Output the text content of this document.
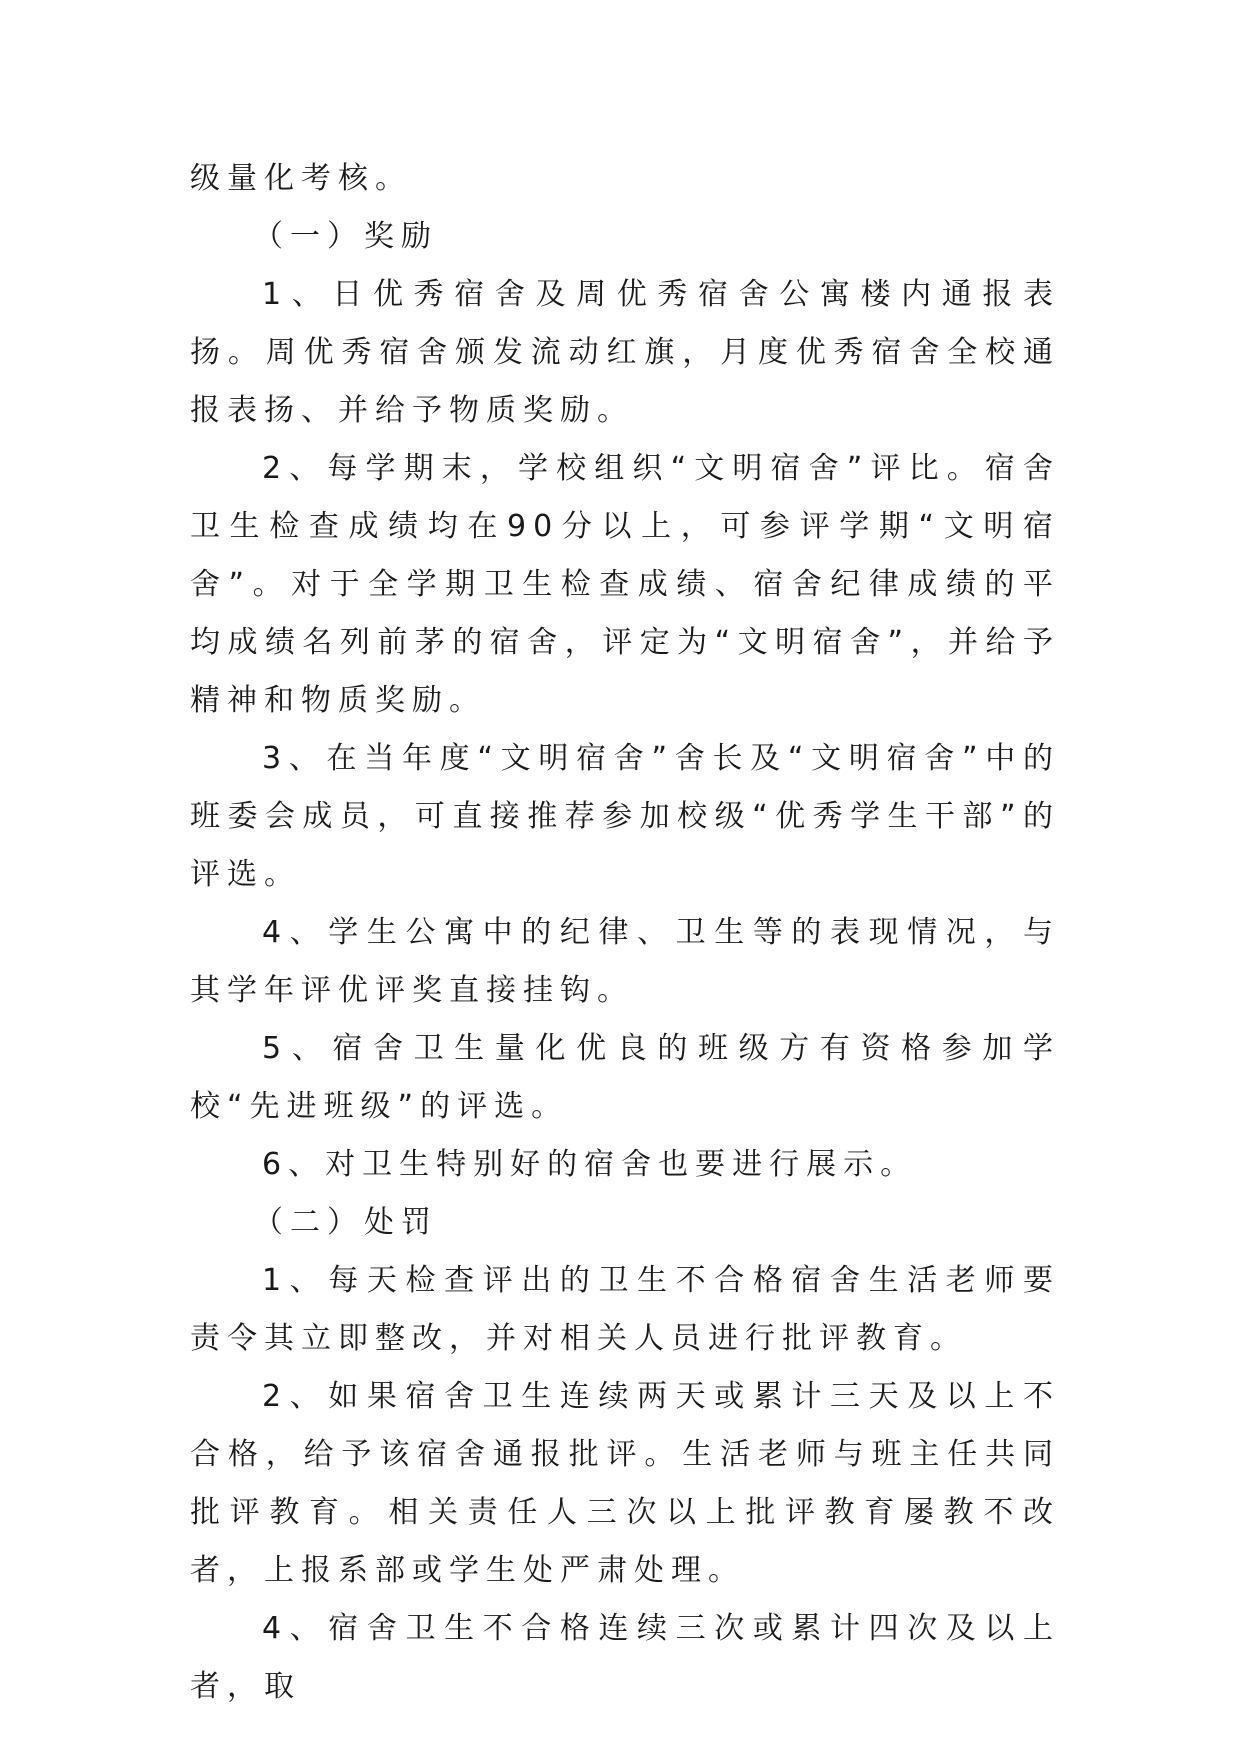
级量化考核。

（一）奖励

1、日优秀宿舍及周优秀宿舍公寓楼内通报表扬。周优秀宿舍颁发流动红旗，月度优秀宿舍全校通报表扬、并给予物质奖励。

2、每学期末，学校组织“文明宿舍”评比。宿舍卫生检查成绩均在90分以上，可参评学期“文明宿舍”。对于全学期卫生检查成绩、宿舍纪律成绩的平均成绩名列前茅的宿舍，评定为“文明宿舍”，并给予精神和物质奖励。

3、在当年度“文明宿舍”舍长及“文明宿舍”中的班委会成员，可直接推荐参加校级“优秀学生干部”的评选。

4、学生公寓中的纪律、卫生等的表现情况，与其学年评优评奖直接挂钩。

5、宿舍卫生量化优良的班级方有资格参加学校“先进班级”的评选。

6、对卫生特别好的宿舍也要进行展示。

（二）处罚

1、每天检查评出的卫生不合格宿舍生活老师要责令其立即整改，并对相关人员进行批评教育。

2、如果宿舍卫生连续两天或累计三天及以上不合格，给予该宿舍通报批评。生活老师与班主任共同批评教育。相关责任人三次以上批评教育屡教不改者，上报系部或学生处严肃处理。

4、宿舍卫生不合格连续三次或累计四次及以上者，取
